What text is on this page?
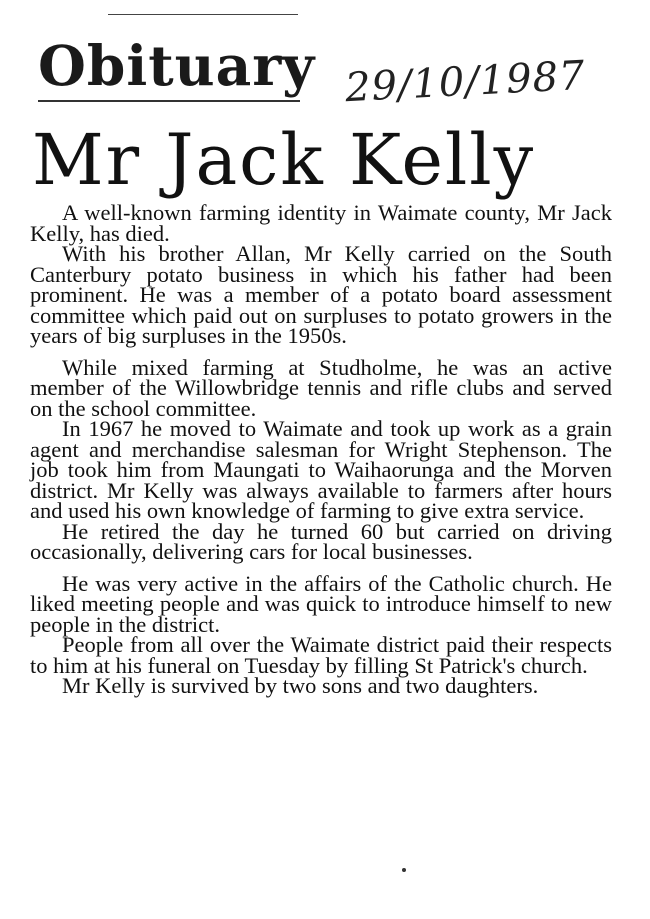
Obituary 29/10/1987
Mr Jack Kelly

A well-known farming identity in Waimate county, Mr Jack Kelly, has died.

With his brother Allan, Mr Kelly carried on the South Canterbury potato business in which his father had been prominent. He was a member of a potato board assessment committee which paid out on surpluses to potato growers in the years of big surpluses in the 1950s.

While mixed farming at Studholme, he was an active member of the Willowbridge tennis and rifle clubs and served on the school committee.

In 1967 he moved to Waimate and took up work as a grain agent and merchandise salesman for Wright Stephenson. The job took him from Maungati to Waihaorunga and the Morven district. Mr Kelly was always available to farmers after hours and used his own knowledge of farming to give extra service.

He retired the day he turned 60 but carried on driving occasionally, delivering cars for local businesses.

He was very active in the affairs of the Catholic church. He liked meeting people and was quick to introduce himself to new people in the district.

People from all over the Waimate district paid their respects to him at his funeral on Tuesday by filling St Patrick's church.

Mr Kelly is survived by two sons and two daughters.
